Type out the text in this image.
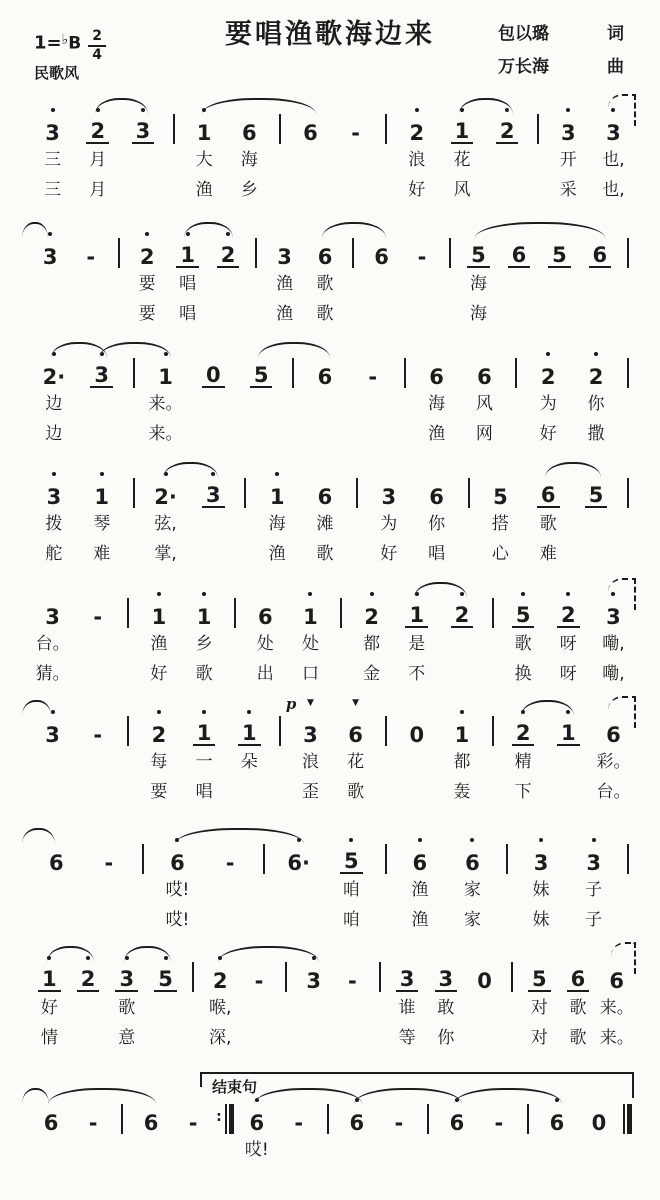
$1=^♭B \frac{2}{4}$
民歌风
要唱渔歌海边来	包以璐	词
万长海	曲
3
三
三
2
月
月
3 1
大
渔
6
海
乡
6 - 2
浪
好
1
花
风
2 3
开
采
3
也,
也,
3 - 2
要
要
1
唱
唱
2 3
渔
渔
6
歌
歌
6 - 5
海
海
6 5 6
2·
边
边
3 1
来。
来。
0 5 6 - 6
海
渔
6
风
网
2
为
好
2
你
撒
3
拨
舵
1
琴
难
2·
弦,
掌,
3 1
海
渔
6
滩
歌
3
为
好
6
你
唱
5
搭
心
6
歌
难
5
3
台。
猜。
- 1
渔
好
1
乡
歌
6
处
出
1
处
口
2
都
金
1
是
不
2 5
歌
换
2
呀
呀
3
嘞,
嘞,
3 - 2
每
要
1
一
唱
1
朵
p ▼
3
浪
歪
▼
6
花
歌
0 1
都
轰
2
精
下
1 6
彩。
台。
6 -	6
哎!
哎!
-	6· 5
咱
咱
6
渔
渔
6
家
家
3
妹
妹
3
子
子
1
好
情
2 3
歌
意
5 2
喉,
深,
- 3 - 3
谁
等
3
敢
你
0 5
对
对
6
歌
歌
6
来。
来。
6 - 6 - : 6
哎!
- 6 - 6 - 6 0
结束句
